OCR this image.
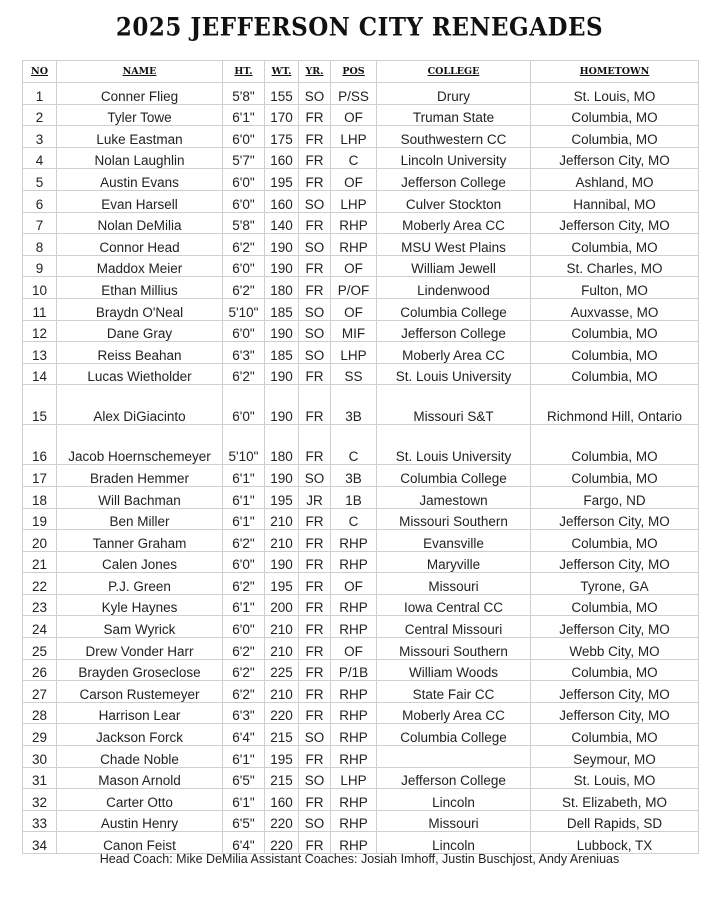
2025 JEFFERSON CITY RENEGADES
NO	NAME	HT.	WT.	YR.	POS	COLLEGE	HOMETOWN
1	Conner Flieg	5'8"	155	SO	P/SS	Drury	St. Louis, MO
2	Tyler Towe	6'1"	170	FR	OF	Truman State	Columbia, MO
3	Luke Eastman	6'0"	175	FR	LHP	Southwestern CC	Columbia, MO
4	Nolan Laughlin	5'7"	160	FR	C	Lincoln University	Jefferson City, MO
5	Austin Evans	6'0"	195	FR	OF	Jefferson College	Ashland, MO
6	Evan Harsell	6'0"	160	SO	LHP	Culver Stockton	Hannibal, MO
7	Nolan DeMilia	5'8"	140	FR	RHP	Moberly Area CC	Jefferson City, MO
8	Connor Head	6'2"	190	SO	RHP	MSU West Plains	Columbia, MO
9	Maddox Meier	6'0"	190	FR	OF	William Jewell	St. Charles, MO
10	Ethan Millius	6'2"	180	FR	P/OF	Lindenwood	Fulton, MO
11	Braydn O'Neal	5'10"	185	SO	OF	Columbia College	Auxvasse, MO
12	Dane Gray	6'0"	190	SO	MIF	Jefferson College	Columbia, MO
13	Reiss Beahan	6'3"	185	SO	LHP	Moberly Area CC	Columbia, MO
14	Lucas Wietholder	6'2"	190	FR	SS	St. Louis University	Columbia, MO
15	Alex DiGiacinto	6'0"	190	FR	3B	Missouri S&T	Richmond Hill, Ontario
16	Jacob Hoernschemeyer	5'10"	180	FR	C	St. Louis University	Columbia, MO
17	Braden Hemmer	6'1"	190	SO	3B	Columbia College	Columbia, MO
18	Will Bachman	6'1"	195	JR	1B	Jamestown	Fargo, ND
19	Ben Miller	6'1"	210	FR	C	Missouri Southern	Jefferson City, MO
20	Tanner Graham	6'2"	210	FR	RHP	Evansville	Columbia, MO
21	Calen Jones	6'0"	190	FR	RHP	Maryville	Jefferson City, MO
22	P.J. Green	6'2"	195	FR	OF	Missouri	Tyrone, GA
23	Kyle Haynes	6'1"	200	FR	RHP	Iowa Central CC	Columbia, MO
24	Sam Wyrick	6'0"	210	FR	RHP	Central Missouri	Jefferson City, MO
25	Drew Vonder Harr	6'2"	210	FR	OF	Missouri Southern	Webb City, MO
26	Brayden Groseclose	6'2"	225	FR	P/1B	William Woods	Columbia, MO
27	Carson Rustemeyer	6'2"	210	FR	RHP	State Fair CC	Jefferson City, MO
28	Harrison Lear	6'3"	220	FR	RHP	Moberly Area CC	Jefferson City, MO
29	Jackson Forck	6'4"	215	SO	RHP	Columbia College	Columbia, MO
30	Chade Noble	6'1"	195	FR	RHP		Seymour, MO
31	Mason Arnold	6'5"	215	SO	LHP	Jefferson College	St. Louis, MO
32	Carter Otto	6'1"	160	FR	RHP	Lincoln	St. Elizabeth, MO
33	Austin Henry	6'5"	220	SO	RHP	Missouri	Dell Rapids, SD
34	Canon Feist	6'4"	220	FR	RHP	Lincoln	Lubbock, TX
Head Coach: Mike DeMilia Assistant Coaches: Josiah Imhoff, Justin Buschjost, Andy Areniuas
